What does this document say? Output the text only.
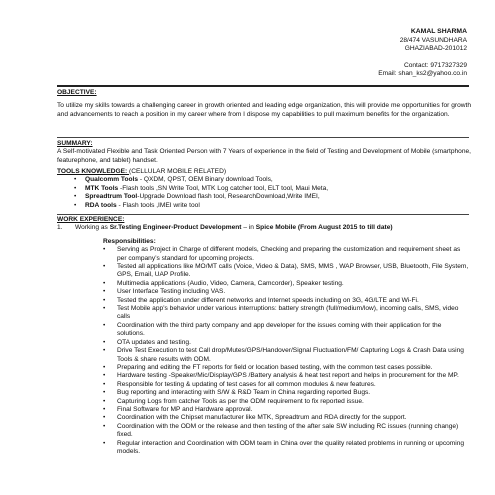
KAMAL SHARMA
28/474 VASUNDHARA
GHAZIABAD-201012
Contact: 9717327329
Email: shan_ks2@yahoo.co.in
OBJECTIVE:
To utilize my skills towards a challenging career in growth oriented and leading edge organization, this will provide me opportunities for growth and advancements to reach a position in my career where from I dispose my capabilities to pull maximum benefits for the organization.
SUMMARY:
A Self-motivated Flexible and Task Oriented Person with 7 Years of experience in the field of Testing and Development of Mobile (smartphone, featurephone, and tablet) handset.
TOOLS KNOWLEDGE: (CELLULAR MOBILE RELATED)
• Qualcomm Tools - QXDM, QPST, OEM Binary download Tools,
• MTK Tools -Flash tools ,SN Write Tool, MTK Log catcher tool, ELT tool, Maui Meta,
• Spreadtrum Tool-Upgrade Download flash tool, ResearchDownload,Write IMEI,
• RDA tools - Flash tools ,IMEI write tool
WORK EXPERIENCE:
1. Working as Sr.Testing Engineer-Product Development – in Spice Mobile (From August 2015 to till date)
Responsibilities:
• Serving as Project in Charge of different models, Checking and preparing the customization and requirement sheet as per company’s standard for upcoming projects.
• Tested all applications like MO/MT calls (Voice, Video & Data), SMS, MMS , WAP Browser, USB, Bluetooth, File System, GPS, Email, UAP Profile.
• Multimedia applications (Audio, Video, Camera, Camcorder), Speaker testing.
• User Interface Testing including VAS.
• Tested the application under different networks and Internet speeds including on 3G, 4G/LTE and Wi-Fi.
• Test Mobile app’s behavior under various interruptions: battery strength (full/medium/low), incoming calls, SMS, video calls
• Coordination with the third party company and app developer for the issues coming with their application for the solutions.
• OTA updates and testing.
• Drive Test Execution to test Call drop/Mutes/GPS/Handover/Signal Fluctuation/FM/ Capturing Logs & Crash Data using Tools & share results with ODM.
• Preparing and editing the FT reports for field or location based testing, with the common test cases possible.
• Hardware testing -Speaker/Mic/Display/GPS /Battery analysis & heat test report and helps in procurement for the MP.
• Responsible for testing & updating of test cases for all common modules & new features.
• Bug reporting and interacting with S/W & R&D Team in China regarding reported Bugs.
• Capturing Logs from catcher Tools as per the ODM requirement to fix reported issue.
• Final Software for MP and Hardware approval.
• Coordination with the Chipset manufacturer like MTK, Spreadtrum and RDA directly for the support.
• Coordination with the ODM or the release and then testing of the after sale SW including RC issues (running change) fixed.
• Regular interaction and Coordination with ODM team in China over the quality related problems in running or upcoming models.
